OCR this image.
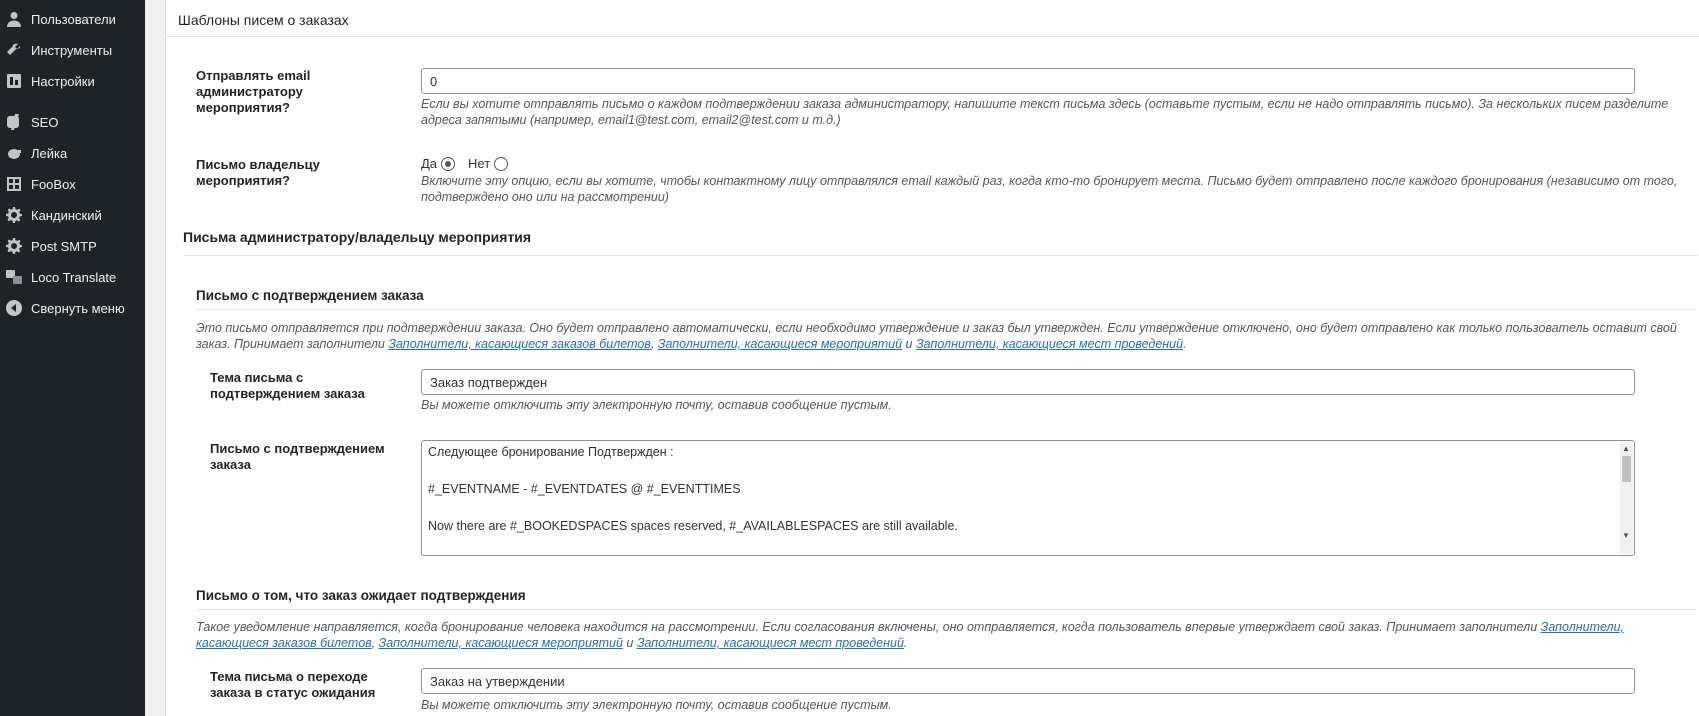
Пользователи
Инструменты
Настройки
SEO
Лейка
FooBox
Кандинский
Post SMTP
Loco Translate
Свернуть меню
Шаблоны писем о заказах
Отправлять email администратору мероприятия?
0	Если вы хотите отправлять письмо о каждом подтверждении заказа администратору, напишите текст письма здесь (оставьте пустым, если не надо отправлять письмо). За нескольких писем разделите адреса запятыми (например, email1@test.com, email2@test.com и т.д.)
Письмо владельцу мероприятия?
Да Нет
Включите эту опцию, если вы хотите, чтобы контактному лицу отправлялся email каждый раз, когда кто-то бронирует места. Письмо будет отправлено после каждого бронирования (независимо от того, подтверждено оно или на рассмотрении)
Письма администратору/владельцу мероприятия
Письмо с подтверждением заказа
Это письмо отправляется при подтверждении заказа. Оно будет отправлено автоматически, если необходимо утверждение и заказ был утвержден. Если утверждение отключено, оно будет отправлено как только пользователь оставит свой заказ. Принимает заполнители Заполнители, касающиеся заказов билетов, Заполнители, касающиеся мероприятий и Заполнители, касающиеся мест проведений.
Тема письма с подтверждением заказа
Заказ подтвержден
Вы можете отключить эту электронную почту, оставив сообщение пустым.
Письмо с подтверждением заказа
Следующее бронирование Подтвержден :
#_EVENTNAME - #_EVENTDATES @ #_EVENTTIMES
Now there are #_BOOKEDSPACES spaces reserved, #_AVAILABLESPACES are still available.
▲
▼
Письмо о том, что заказ ожидает подтверждения
Такое уведомление направляется, когда бронирование человека находится на рассмотрении. Если согласования включены, оно отправляется, когда пользователь впервые утверждает свой заказ. Принимает заполнители Заполнители, касающиеся заказов билетов, Заполнители, касающиеся мероприятий и Заполнители, касающиеся мест проведений.
Тема письма о переходе заказа в статус ожидания
Заказ на утверждении
Вы можете отключить эту электронную почту, оставив сообщение пустым.
